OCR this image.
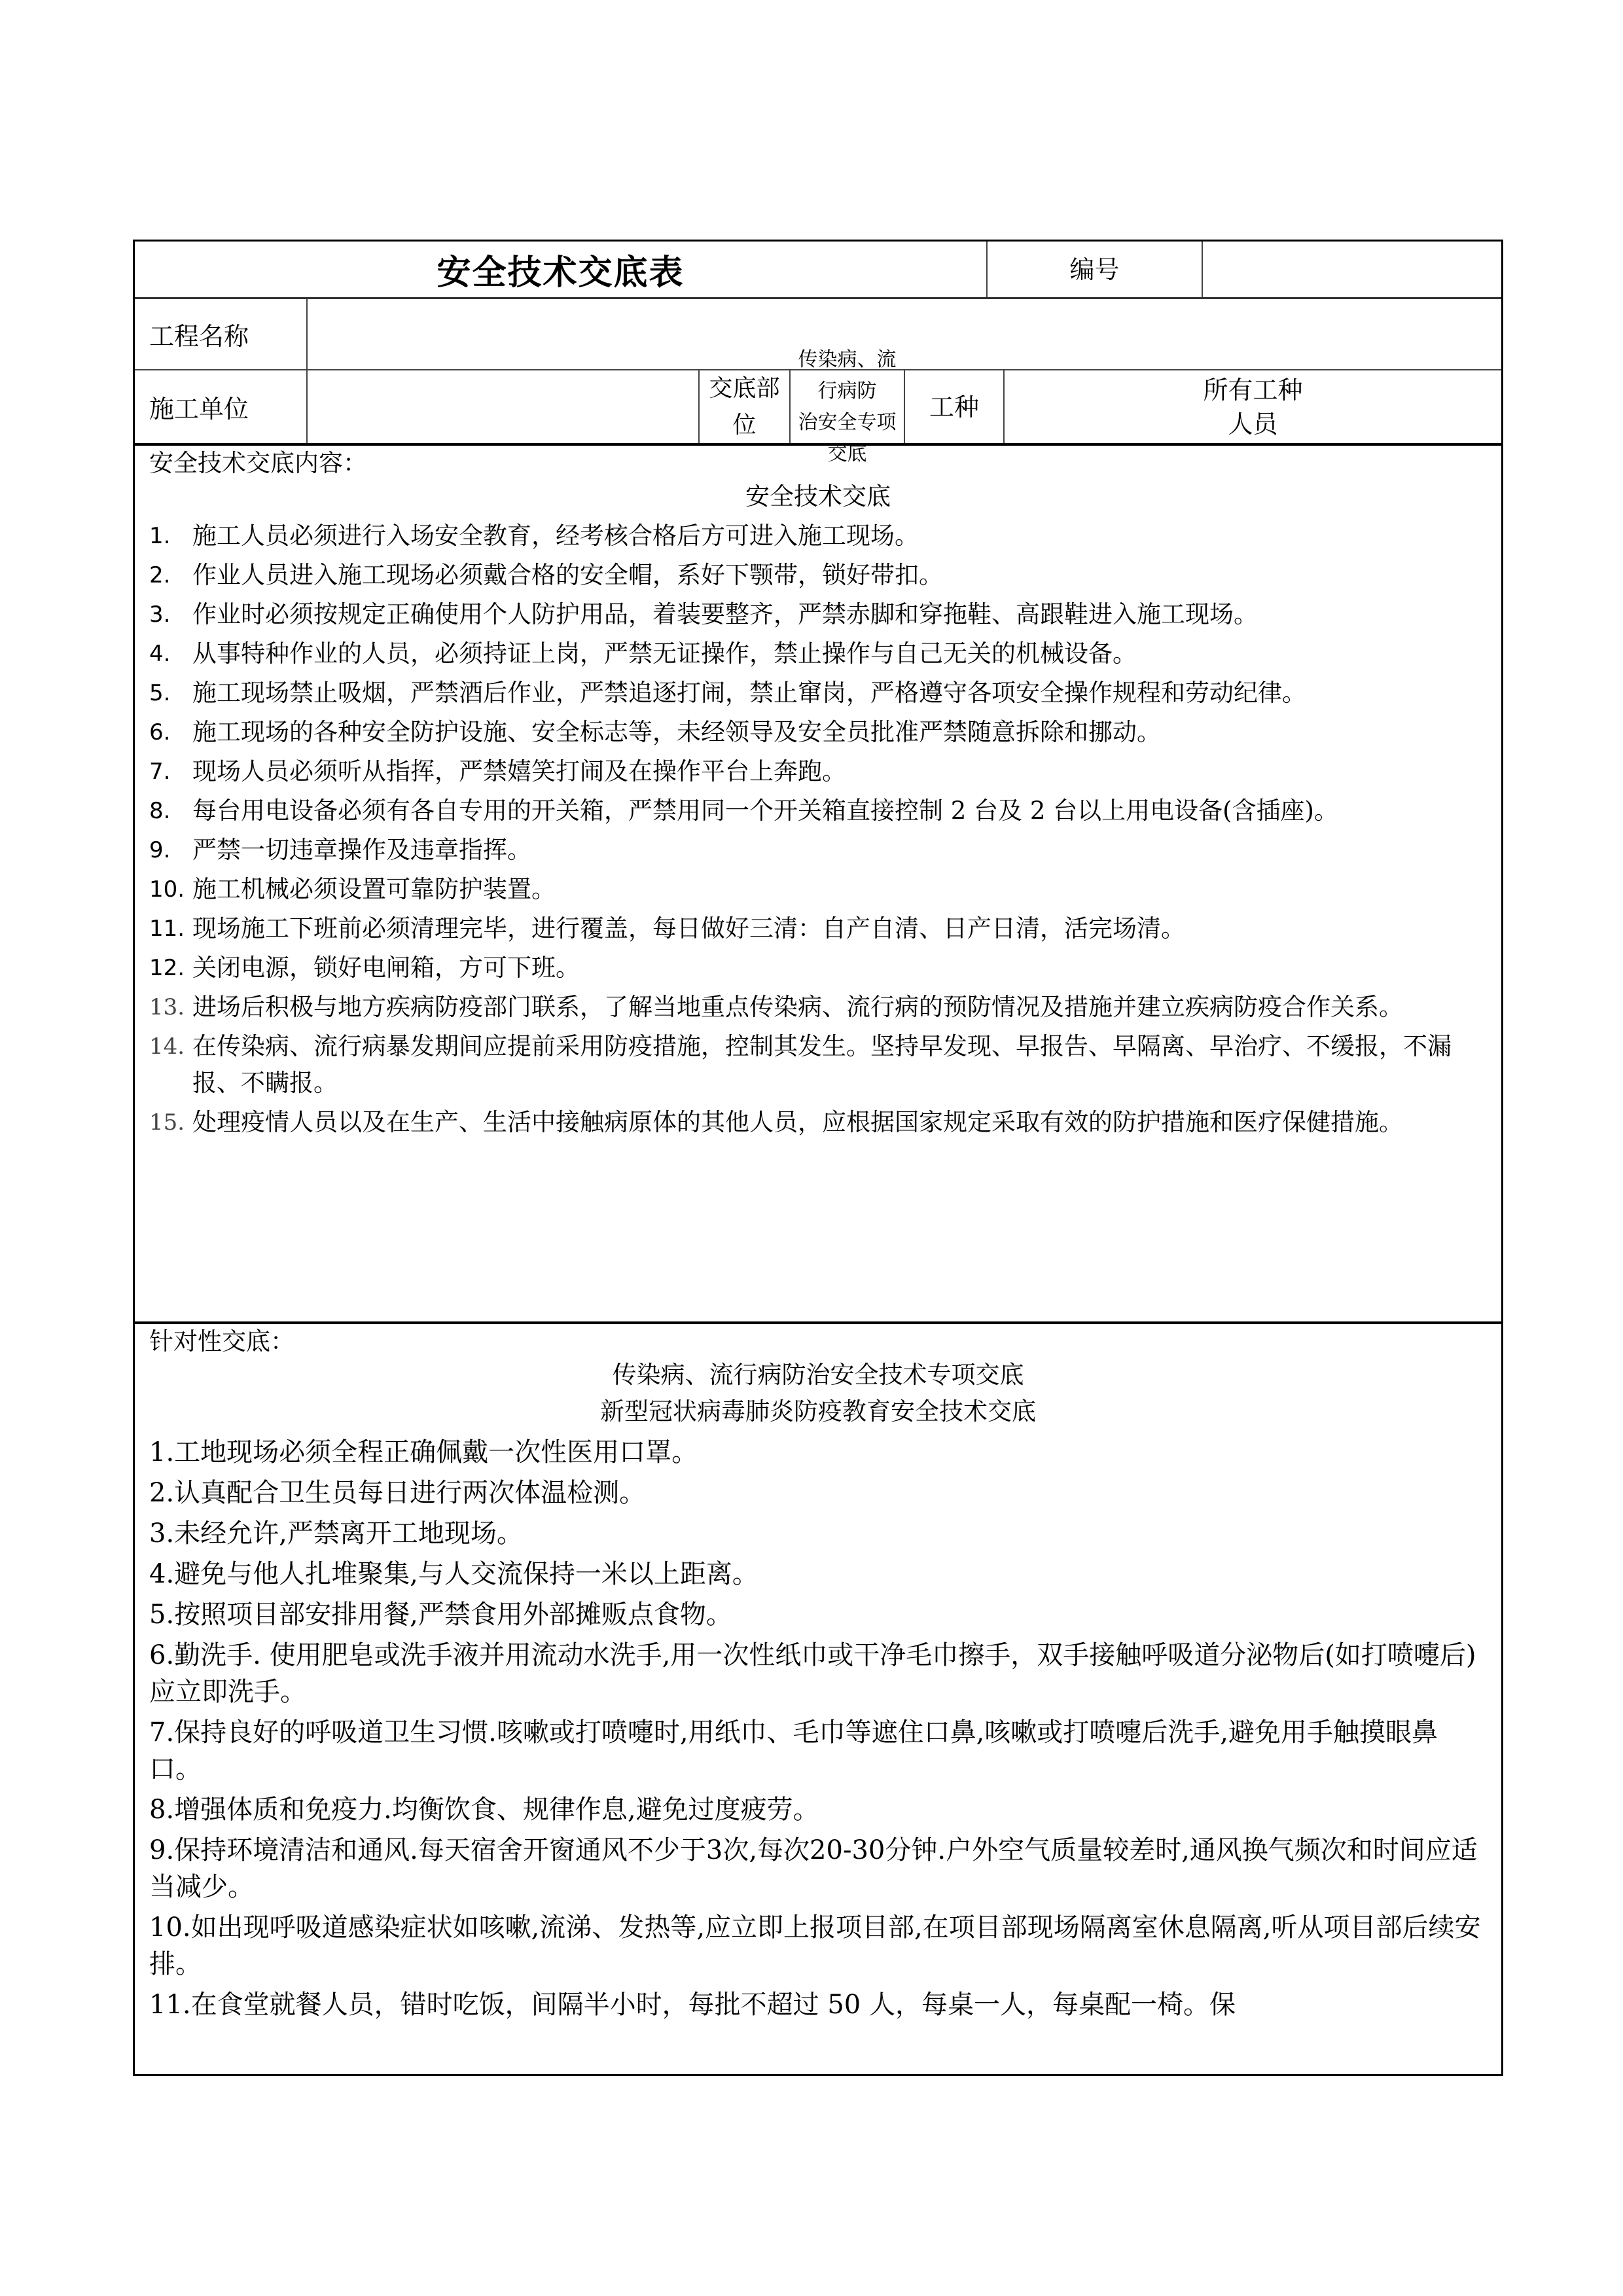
安全技术交底表	编号
工程名称
施工单位
交底部位
传染病、流行病防
治安全专项交底
工种
所有工种
人员
安全技术交底内容：
安全技术交底
1. 施工人员必须进行入场安全教育，经考核合格后方可进入施工现场。
2. 作业人员进入施工现场必须戴合格的安全帽，系好下颚带，锁好带扣。
3. 作业时必须按规定正确使用个人防护用品，着装要整齐，严禁赤脚和穿拖鞋、高跟鞋进入施工现场。
4. 从事特种作业的人员，必须持证上岗，严禁无证操作，禁止操作与自己无关的机械设备。
5. 施工现场禁止吸烟，严禁酒后作业，严禁追逐打闹，禁止窜岗，严格遵守各项安全操作规程和劳动纪律。
6. 施工现场的各种安全防护设施、安全标志等，未经领导及安全员批准严禁随意拆除和挪动。
7. 现场人员必须听从指挥，严禁嬉笑打闹及在操作平台上奔跑。
8. 每台用电设备必须有各自专用的开关箱，严禁用同一个开关箱直接控制 2 台及 2 台以上用电设备(含插座)。
9. 严禁一切违章操作及违章指挥。
10. 施工机械必须设置可靠防护装置。
11. 现场施工下班前必须清理完毕，进行覆盖，每日做好三清：自产自清、日产日清，活完场清。
12. 关闭电源，锁好电闸箱，方可下班。
13. 进场后积极与地方疾病防疫部门联系，了解当地重点传染病、流行病的预防情况及措施并建立疾病防疫合作关系。
14. 在传染病、流行病暴发期间应提前采用防疫措施，控制其发生。坚持早发现、早报告、早隔离、早治疗、不缓报，不漏报、不瞒报。
15. 处理疫情人员以及在生产、生活中接触病原体的其他人员，应根据国家规定采取有效的防护措施和医疗保健措施。
针对性交底：
传染病、流行病防治安全技术专项交底
新型冠状病毒肺炎防疫教育安全技术交底
1.工地现场必须全程正确佩戴一次性医用口罩。
2.认真配合卫生员每日进行两次体温检测。
3.未经允许,严禁离开工地现场。
4.避免与他人扎堆聚集,与人交流保持一米以上距离。
5.按照项目部安排用餐,严禁食用外部摊贩点食物。
6.勤洗手. 使用肥皂或洗手液并用流动水洗手,用一次性纸巾或干净毛巾擦手，双手接触呼吸道分泌物后(如打喷嚏后)应立即洗手。
7.保持良好的呼吸道卫生习惯.咳嗽或打喷嚏时,用纸巾、毛巾等遮住口鼻,咳嗽或打喷嚏后洗手,避免用手触摸眼鼻口。
8.增强体质和免疫力.均衡饮食、规律作息,避免过度疲劳。
9.保持环境清洁和通风.每天宿舍开窗通风不少于3次,每次20-30分钟.户外空气质量较差时,通风换气频次和时间应适当减少。
10.如出现呼吸道感染症状如咳嗽,流涕、发热等,应立即上报项目部,在项目部现场隔离室休息隔离,听从项目部后续安排。
11.在食堂就餐人员，错时吃饭，间隔半小时，每批不超过 50 人，每桌一人，每桌配一椅。保
